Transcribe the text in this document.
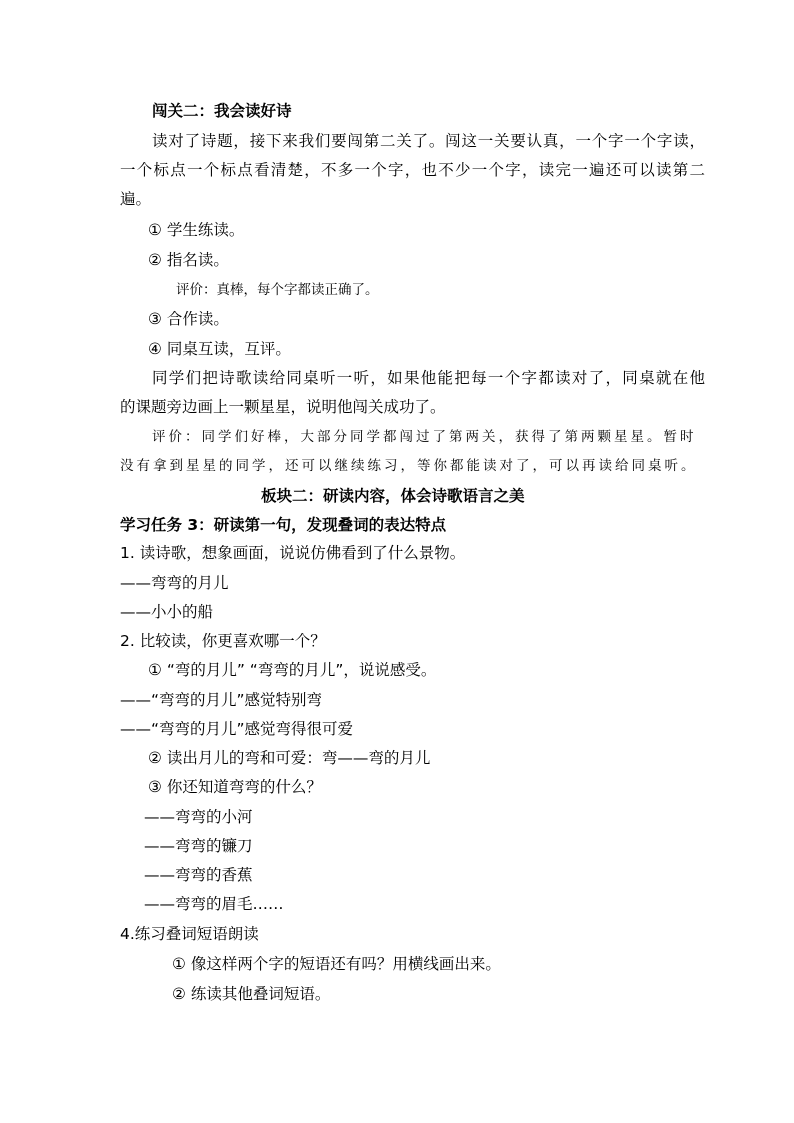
闯关二：我会读好诗
读对了诗题，接下来我们要闯第二关了。闯这一关要认真，一个字一个字读，
一个标点一个标点看清楚，不多一个字，也不少一个字，读完一遍还可以读第二
遍。
① 学生练读。
② 指名读。
评价：真棒，每个字都读正确了。
③ 合作读。
④ 同桌互读，互评。
同学们把诗歌读给同桌听一听，如果他能把每一个字都读对了，同桌就在他
的课题旁边画上一颗星星，说明他闯关成功了。
评价：同学们好棒，大部分同学都闯过了第两关，获得了第两颗星星。暂时
没有拿到星星的同学，还可以继续练习，等你都能读对了，可以再读给同桌听。
板块二：研读内容，体会诗歌语言之美
学习任务 3：研读第一句，发现叠词的表达特点
1. 读诗歌，想象画面，说说仿佛看到了什么景物。
——弯弯的月儿
——小小的船
2. 比较读，你更喜欢哪一个？
① “弯的月儿” “弯弯的月儿”，说说感受。
——“弯弯的月儿”感觉特别弯
——“弯弯的月儿”感觉弯得很可爱
② 读出月儿的弯和可爱：弯——弯的月儿
③ 你还知道弯弯的什么？
——弯弯的小河
——弯弯的镰刀
——弯弯的香蕉
——弯弯的眉毛……
4.练习叠词短语朗读
① 像这样两个字的短语还有吗？用横线画出来。
② 练读其他叠词短语。
